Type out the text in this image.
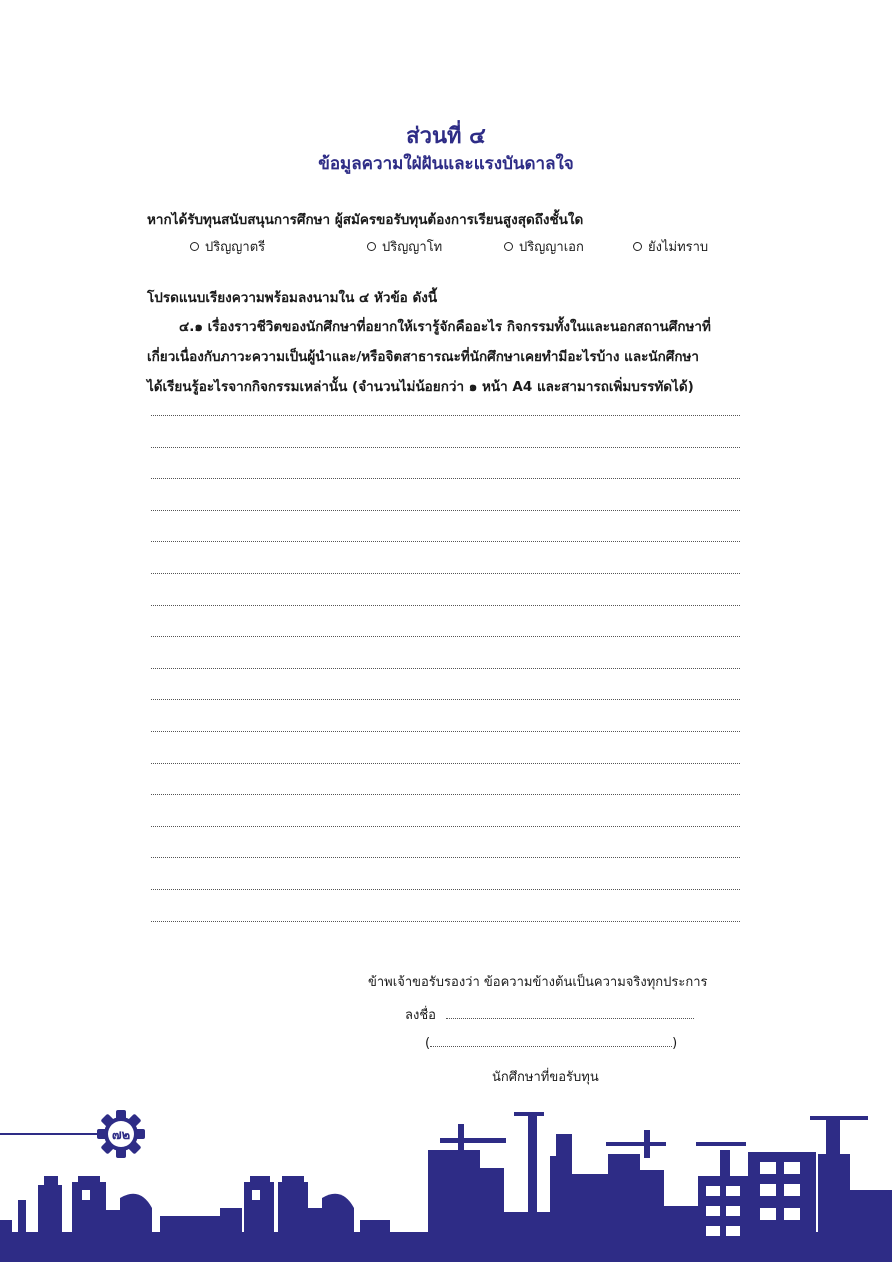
ส่วนที่ ๔
ข้อมูลความใฝ่ฝันและแรงบันดาลใจ
หากได้รับทุนสนับสนุนการศึกษา ผู้สมัครขอรับทุนต้องการเรียนสูงสุดถึงชั้นใด
ปริญญาตรี	ปริญญาโท	ปริญญาเอก	ยังไม่ทราบ
โปรดแนบเรียงความพร้อมลงนามใน ๔ หัวข้อ ดังนี้
๔.๑ เรื่องราวชีวิตของนักศึกษาที่อยากให้เรารู้จักคืออะไร กิจกรรมทั้งในและนอกสถานศึกษาที่
เกี่ยวเนื่องกับภาวะความเป็นผู้นำและ/หรือจิตสาธารณะที่นักศึกษาเคยทำมีอะไรบ้าง และนักศึกษา
ได้เรียนรู้อะไรจากกิจกรรมเหล่านั้น (จำนวนไม่น้อยกว่า ๑ หน้า A4 และสามารถเพิ่มบรรทัดได้)
ข้าพเจ้าขอรับรองว่า ข้อความข้างต้นเป็นความจริงทุกประการ
ลงชื่อ
(	)
นักศึกษาที่ขอรับทุน
๗๒
